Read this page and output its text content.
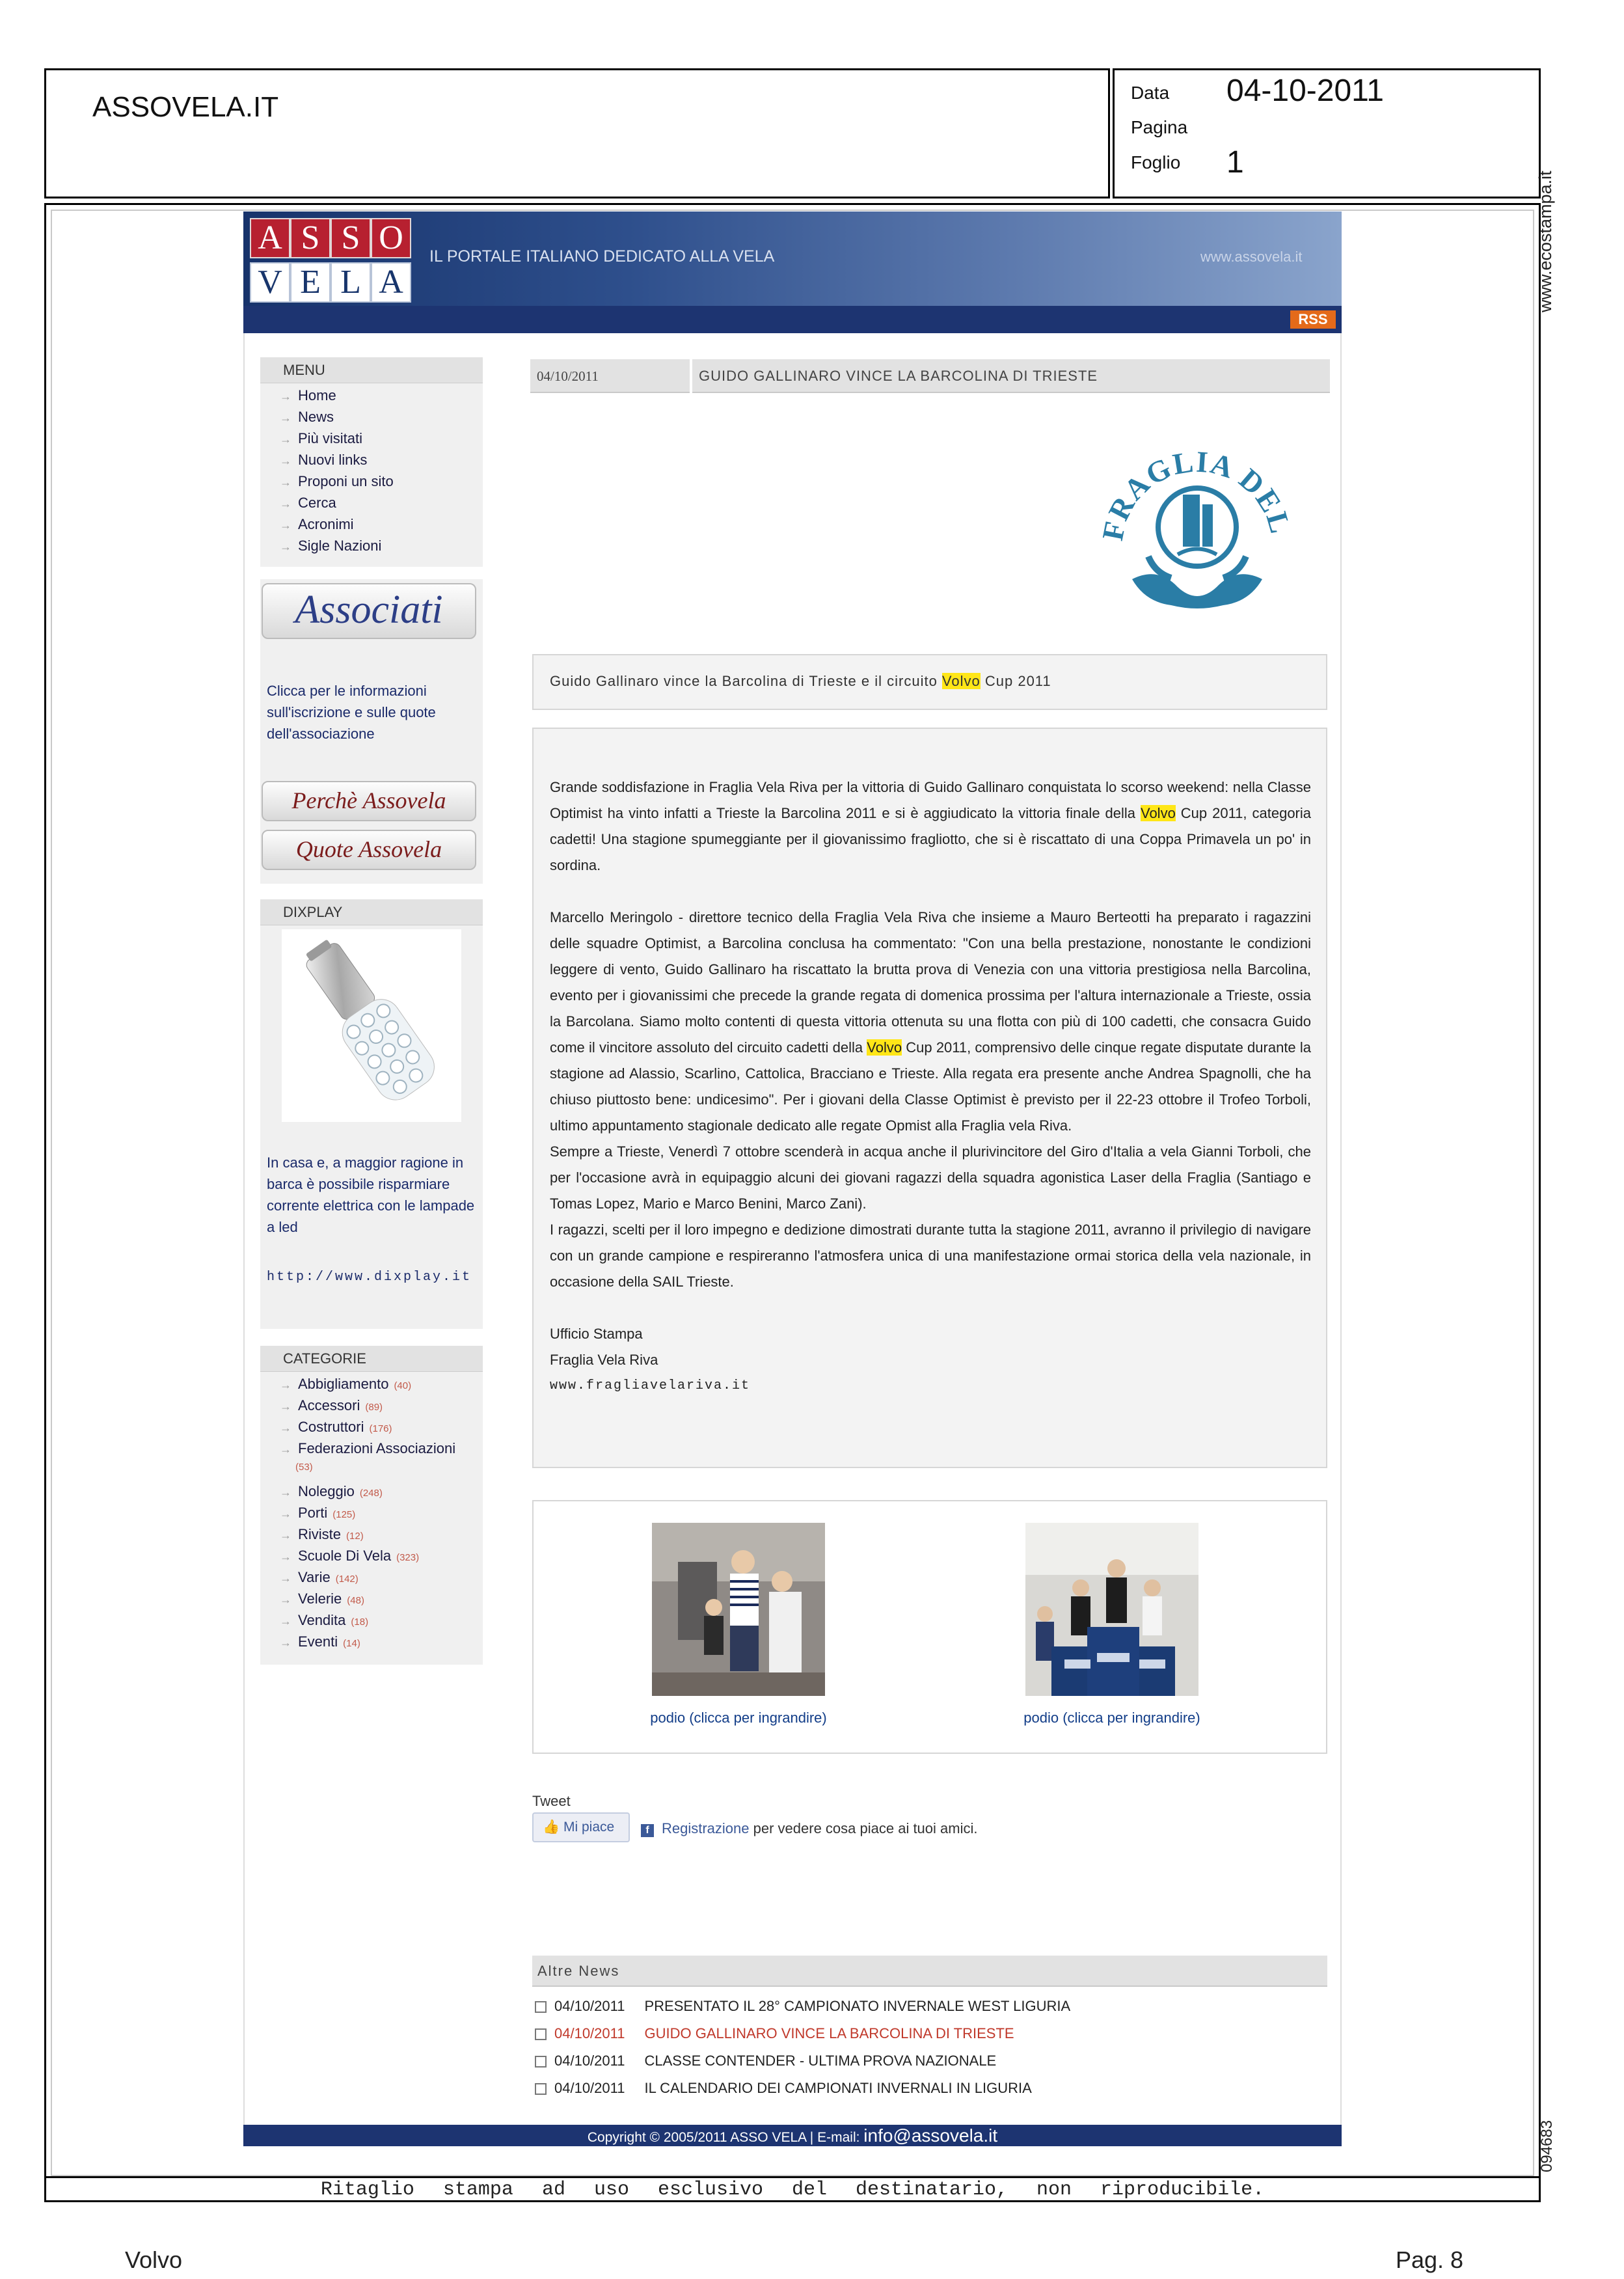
ASSOVELA.IT	Data 04-10-2011
Pagina
Foglio 1
Ritaglio stampa ad uso esclusivo del destinatario, non riproducibile.
www.ecostampa.it
094683
A S S O
V E L A
IL PORTALE ITALIANO DEDICATO ALLA VELA	www.assovela.it
RSS
MENU
→ Home
→ News
→ Più visitati
→ Nuovi links
→ Proponi un sito
→ Cerca
→ Acronimi
→ Sigle Nazioni
Associati
Clicca per le informazioni sull'iscrizione e sulle quote dell'associazione
Perchè Assovela
Quote Assovela
DIXPLAY
In casa e, a maggior ragione in barca è possibile risparmiare corrente elettrica con le lampade a led
http://www.dixplay.it
CATEGORIE
→ Abbigliamento (40)
→ Accessori (89)
→ Costruttori (176)
→ Federazioni Associazioni
(53)
→ Noleggio (248)
→ Porti (125)
→ Riviste (12)
→ Scuole Di Vela (323)
→ Varie (142)
→ Velerie (48)
→ Vendita (18)
→ Eventi (14)
04/10/2011	GUIDO GALLINARO VINCE LA BARCOLINA DI TRIESTE
FRAGLIA DEL
Guido Gallinaro vince la Barcolina di Trieste e il circuito Volvo Cup 2011
Grande soddisfazione in Fraglia Vela Riva per la vittoria di Guido Gallinaro conquistata lo scorso weekend: nella Classe Optimist ha vinto infatti a Trieste la Barcolina 2011 e si è aggiudicato la vittoria finale della Volvo Cup 2011, categoria cadetti! Una stagione spumeggiante per il giovanissimo fragliotto, che si è riscattato di una Coppa Primavela un po' in sordina.
Marcello Meringolo - direttore tecnico della Fraglia Vela Riva che insieme a Mauro Berteotti ha preparato i ragazzini delle squadre Optimist, a Barcolina conclusa ha commentato: "Con una bella prestazione, nonostante le condizioni leggere di vento, Guido Gallinaro ha riscattato la brutta prova di Venezia con una vittoria prestigiosa nella Barcolina, evento per i giovanissimi che precede la grande regata di domenica prossima per l'altura internazionale a Trieste, ossia la Barcolana. Siamo molto contenti di questa vittoria ottenuta su una flotta con più di 100 cadetti, che consacra Guido come il vincitore assoluto del circuito cadetti della Volvo Cup 2011, comprensivo delle cinque regate disputate durante la stagione ad Alassio, Scarlino, Cattolica, Bracciano e Trieste. Alla regata era presente anche Andrea Spagnolli, che ha chiuso piuttosto bene: undicesimo". Per i giovani della Classe Optimist è previsto per il 22-23 ottobre il Trofeo Torboli, ultimo appuntamento stagionale dedicato alle regate Opmist alla Fraglia vela Riva.
Sempre a Trieste, Venerdì 7 ottobre scenderà in acqua anche il plurivincitore del Giro d'Italia a vela Gianni Torboli, che per l'occasione avrà in equipaggio alcuni dei giovani ragazzi della squadra agonistica Laser della Fraglia (Santiago e Tomas Lopez, Mario e Marco Benini, Marco Zani).
I ragazzi, scelti per il loro impegno e dedizione dimostrati durante tutta la stagione 2011, avranno il privilegio di navigare con un grande campione e respireranno l'atmosfera unica di una manifestazione ormai storica della vela nazionale, in occasione della SAIL Trieste.
Ufficio Stampa
Fraglia Vela Riva
www.fragliavelariva.it
podio (clicca per ingrandire)	podio (clicca per ingrandire)
Tweet
👍 Mi piace	f Registrazione per vedere cosa piace ai tuoi amici.
Altre News
04/10/2011 PRESENTATO IL 28° CAMPIONATO INVERNALE WEST LIGURIA
04/10/2011 GUIDO GALLINARO VINCE LA BARCOLINA DI TRIESTE
04/10/2011 CLASSE CONTENDER - ULTIMA PROVA NAZIONALE
04/10/2011 IL CALENDARIO DEI CAMPIONATI INVERNALI IN LIGURIA
Copyright © 2005/2011 ASSO VELA | E-mail: info@assovela.it
Volvo	Pag. 8
